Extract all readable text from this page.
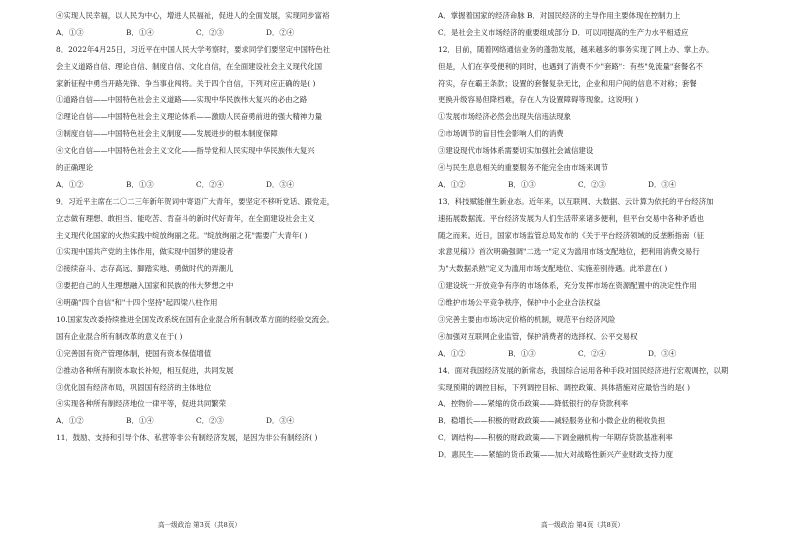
④实现人民幸福，以人民为中心，增进人民福祉，促进人的全面发展，实现同步富裕
A．①③	B．①④	C．②③	D．②④
8．2022年4月25日，习近平在中国人民大学考察时，要求同学们要坚定中国特色社
会主义道路自信、理论自信、制度自信、文化自信，在全面建设社会主义现代化国
家新征程中勇当开路先锋、争当事业闯将。关于四个自信，下列对应正确的是( )
①道路自信——中国特色社会主义道路——实现中华民族伟大复兴的必由之路
②理论自信——中国特色社会主义理论体系——激励人民奋勇前进的强大精神力量
③制度自信——中国特色社会主义制度——发展进步的根本制度保障
④文化自信——中国特色社会主义文化——指导党和人民实现中华民族伟大复兴
的正确理论
A．①②	B．①③	C．②④	D．③④
9．习近平主席在二〇二三年新年贺词中寄语广大青年，要坚定不移听党话、跟党走，
立志做有理想、敢担当、能吃苦、肯奋斗的新时代好青年，在全面建设社会主义
主义现代化国家的火热实践中绽放绚丽之花。"绽放绚丽之花"需要广大青年( )
①实现中国共产党的主体作用，做实现中国梦的建设者
②接续奋斗、志存高远、脚踏实地、勇做时代的弄潮儿
③要把自己的人生理想融入国家和民族的伟大梦想之中
④明确"四个自信"和"十四个坚持"起四梁八柱作用
10.国家发改委持续推进全国发改系统在国有企业混合所有制改革方面的经验交流会。
国有企业混合所有制改革的意义在于( )
①完善国有资产管理体制，使国有资本保值增值
②推动各种所有制资本取长补短，相互促进，共同发展
③优化国有经济布局，巩固国有经济的主体地位
④实现各种所有制经济地位一律平等，促进共同繁荣
A．①②	B．①④	C．②③	D．③④
11．鼓励、支持和引导个体、私营等非公有制经济发展，是因为非公有制经济( )
A．掌握着国家的经济命脉 B．对国民经济的主导作用主要体现在控制力上
C．是社会主义市场经济的重要组成部分 D．可以同提高的生产力水平相适应
12．目前，随着网络通信业务的蓬勃发展，越来越多的事务实现了网上办、掌上办。
但是，人们在享受便利的同时，也遇到了消费不少"套路"：有些"免流量"套餐名不
符实，存在霸王条款；设置的套餐复杂无比，企业和用户间的信息不对称；套餐
更换升级容易但降档难，存在人为设置障碍等现象。这说明( )
①发展市场经济必然会出现失信违法现象
②市场调节的盲目性会影响人们的消费
③建设现代市场体系需要切实加强社会诚信建设
④与民生息息相关的重要服务不能完全由市场来调节
A．①②	B．①③	C．②③	D．③④
13．科技赋能催生新业态。近年来，以互联网、大数据、云计算为依托的平台经济加
速拓展数据流。平台经济发展为人们生活带来诸多便利，但平台交易中各种矛盾也
随之而来。近日，国家市场监管总局发布的《关于平台经济领域的反垄断指南（征
求意见稿）》首次明确强调"二选一"定义为滥用市场支配地位，把利用消费交易行
为"大数据杀熟"定义为滥用市场支配地位、实施差别待遇。此举意在( )
①建设统一开放竞争有序的市场体系，充分发挥市场在资源配置中的决定性作用
②维护市场公平竞争秩序，保护中小企业合法权益
③完善主要由市场决定价格的机制，规范平台经济风险
④加强对互联网企业监管，保护消费者的选择权、公平交易权
A．①②	B．①③	C．②④	D．③④
14．面对我国经济发展的新常态，我国综合运用各种手段对国民经济进行宏观调控，以期
实现预期的调控目标，下列调控目标、调控政策、具体措施对应最恰当的是( )
A．控物价——紧缩的货币政策——降低银行的存贷款利率
B．稳增长——积极的财政政策——减轻服务业和小微企业的税收负担
C．调结构——积极的财政政策——下调金融机构一年期存贷款基准利率
D．惠民生——紧缩的货币政策——加大对战略性新兴产业财政支持力度
高一级政治 第3页（共8页）	高一级政治 第4页（共8页）
